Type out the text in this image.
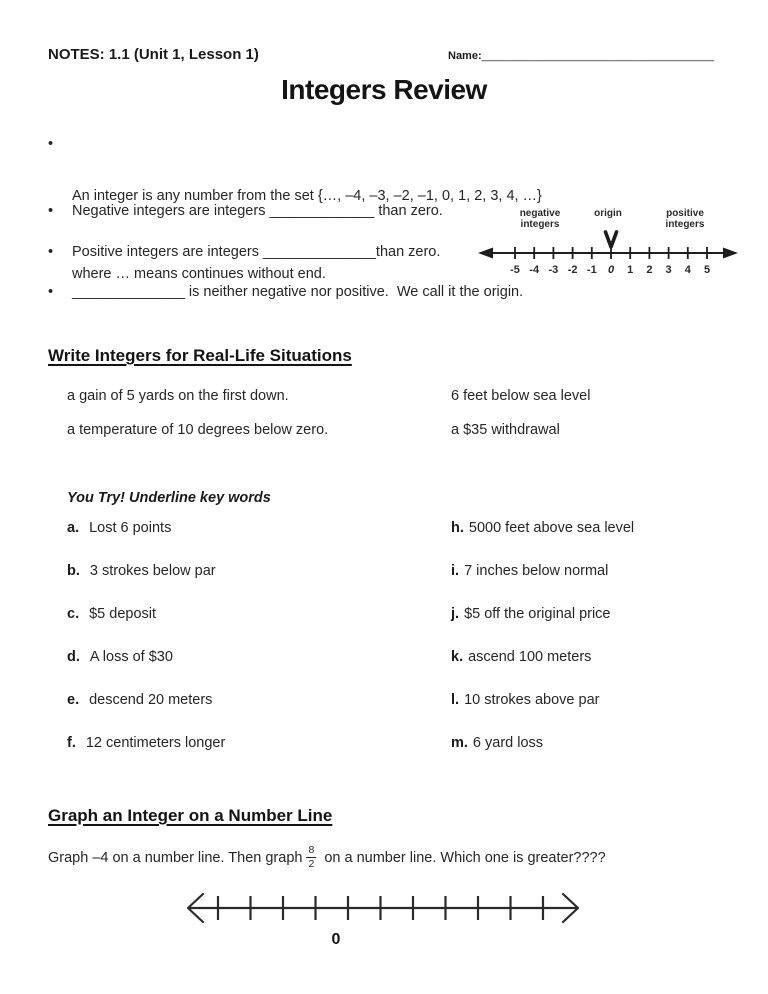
NOTES: 1.1 (Unit 1, Lesson 1)	Name:______________________________________
Integers Review
•

An integer is any number from the set {…, –4, –3, –2, –1, 0, 1, 2, 3, 4, …}

where … means continues without end.

•	Negative integers are integers _____________ than zero.
•	Positive integers are integers ______________than zero.
•	______________ is neither negative nor positive.  We call it the origin.
negative
integers
origin	positive
integers
-5 -4 -3 -2 -1 0 1 2 3 4 5
Write Integers for Real-Life Situations
a gain of 5 yards on the first down.	6 feet below sea level
a temperature of 10 degrees below zero.	a $35 withdrawal
You Try! Underline key words
a. Lost 6 points	h. 5000 feet above sea level
b. 3 strokes below par	i. 7 inches below normal
c. $5 deposit	j. $5 off the original price
d. A loss of $30	k. ascend 100 meters
e. descend 20 meters	l. 10 strokes above par
f. 12 centimeters longer	m. 6 yard loss
Graph an Integer on a Number Line
Graph –4 on a number line. Then graph $\frac{8}{2}$ on a number line. Which one is greater????
0
